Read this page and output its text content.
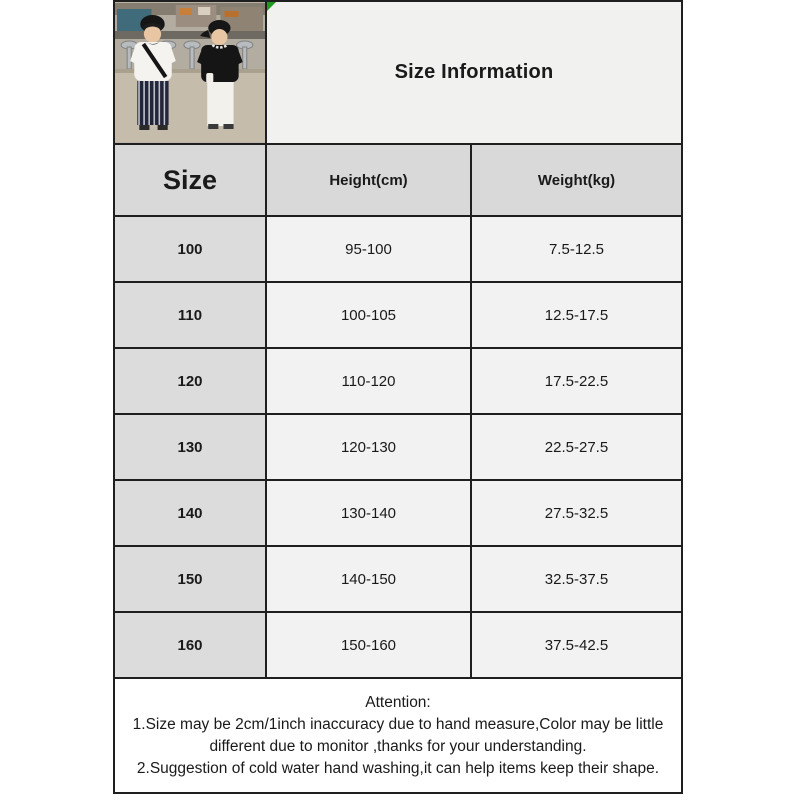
Size Information	
Size	Height(cm)	Weight(kg)
100	95-100	7.5-12.5
110	100-105	12.5-17.5
120	110-120	17.5-22.5
130	120-130	22.5-27.5
140	130-140	27.5-32.5
150	140-150	32.5-37.5
160	150-160	37.5-42.5

Attention:
1.Size may be 2cm/1inch inaccuracy due to hand measure,Color may be little different due to monitor ,thanks for your understanding.
2.Suggestion of cold water hand washing,it can help items keep their shape.		
